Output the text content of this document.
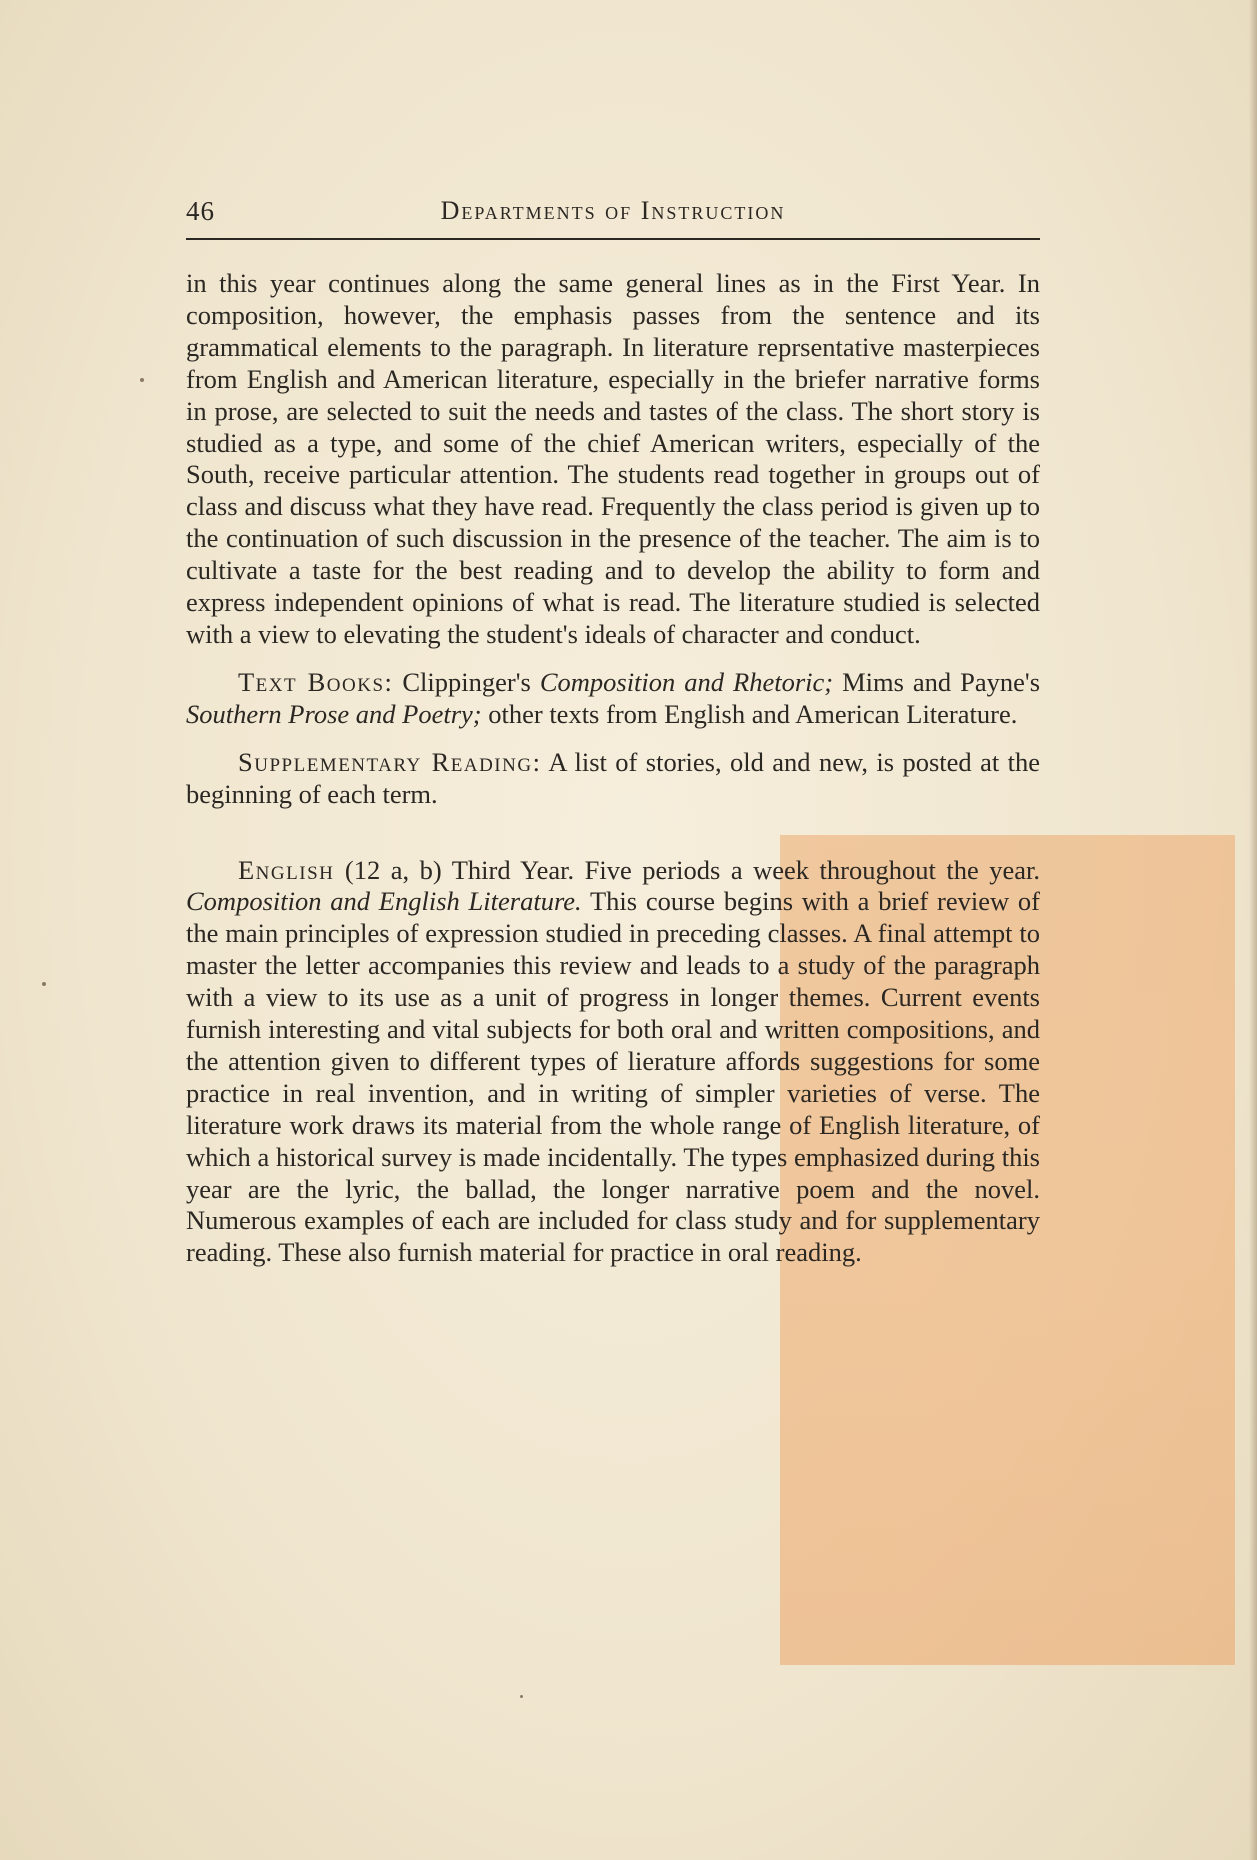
46	Departments of Instruction

in this year continues along the same general lines as in the First Year. In composition, however, the emphasis passes from the sentence and its grammatical elements to the paragraph. In literature reprsentative masterpieces from English and American literature, especially in the briefer narrative forms in prose, are selected to suit the needs and tastes of the class. The short story is studied as a type, and some of the chief American writers, especially of the South, receive particular attention. The students read together in groups out of class and discuss what they have read. Frequently the class period is given up to the continuation of such discussion in the presence of the teacher. The aim is to cultivate a taste for the best reading and to develop the ability to form and express independent opinions of what is read. The literature studied is selected with a view to elevating the student's ideals of character and conduct.

Text Books: Clippinger's Composition and Rhetoric; Mims and Payne's Southern Prose and Poetry; other texts from English and American Literature.

Supplementary Reading: A list of stories, old and new, is posted at the beginning of each term.

English (12 a, b) Third Year. Five periods a week throughout the year. Composition and English Literature. This course begins with a brief review of the main principles of expression studied in preceding classes. A final attempt to master the letter accompanies this review and leads to a study of the paragraph with a view to its use as a unit of progress in longer themes. Current events furnish interesting and vital subjects for both oral and written compositions, and the attention given to different types of lierature affords suggestions for some practice in real invention, and in writing of simpler varieties of verse. The literature work draws its material from the whole range of English literature, of which a historical survey is made incidentally. The types emphasized during this year are the lyric, the ballad, the longer narrative poem and the novel. Numerous examples of each are included for class study and for supplementary reading. These also furnish material for practice in oral reading.
